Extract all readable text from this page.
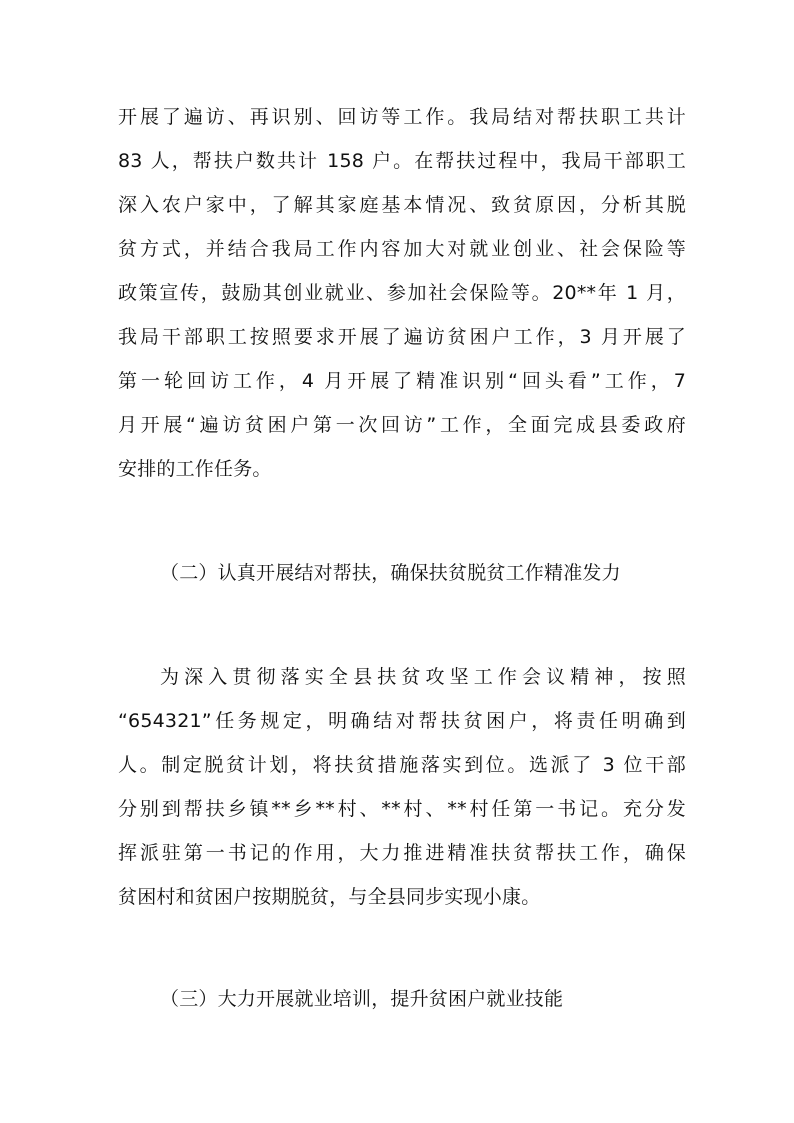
开展了遍访、再识别、回访等工作。我局结对帮扶职工共计
83 人，帮扶户数共计 158 户。在帮扶过程中，我局干部职工
深入农户家中，了解其家庭基本情况、致贫原因，分析其脱
贫方式，并结合我局工作内容加大对就业创业、社会保险等
政策宣传，鼓励其创业就业、参加社会保险等。20**年 1 月，
我局干部职工按照要求开展了遍访贫困户工作，3 月开展了
第一轮回访工作，4 月开展了精准识别“回头看”工作，7
月开展“遍访贫困户第一次回访”工作，全面完成县委政府
安排的工作任务。
（二）认真开展结对帮扶，确保扶贫脱贫工作精准发力
为深入贯彻落实全县扶贫攻坚工作会议精神，按照
“654321”任务规定，明确结对帮扶贫困户，将责任明确到
人。制定脱贫计划，将扶贫措施落实到位。选派了 3 位干部
分别到帮扶乡镇**乡**村、**村、**村任第一书记。充分发
挥派驻第一书记的作用，大力推进精准扶贫帮扶工作，确保
贫困村和贫困户按期脱贫，与全县同步实现小康。
（三）大力开展就业培训，提升贫困户就业技能
